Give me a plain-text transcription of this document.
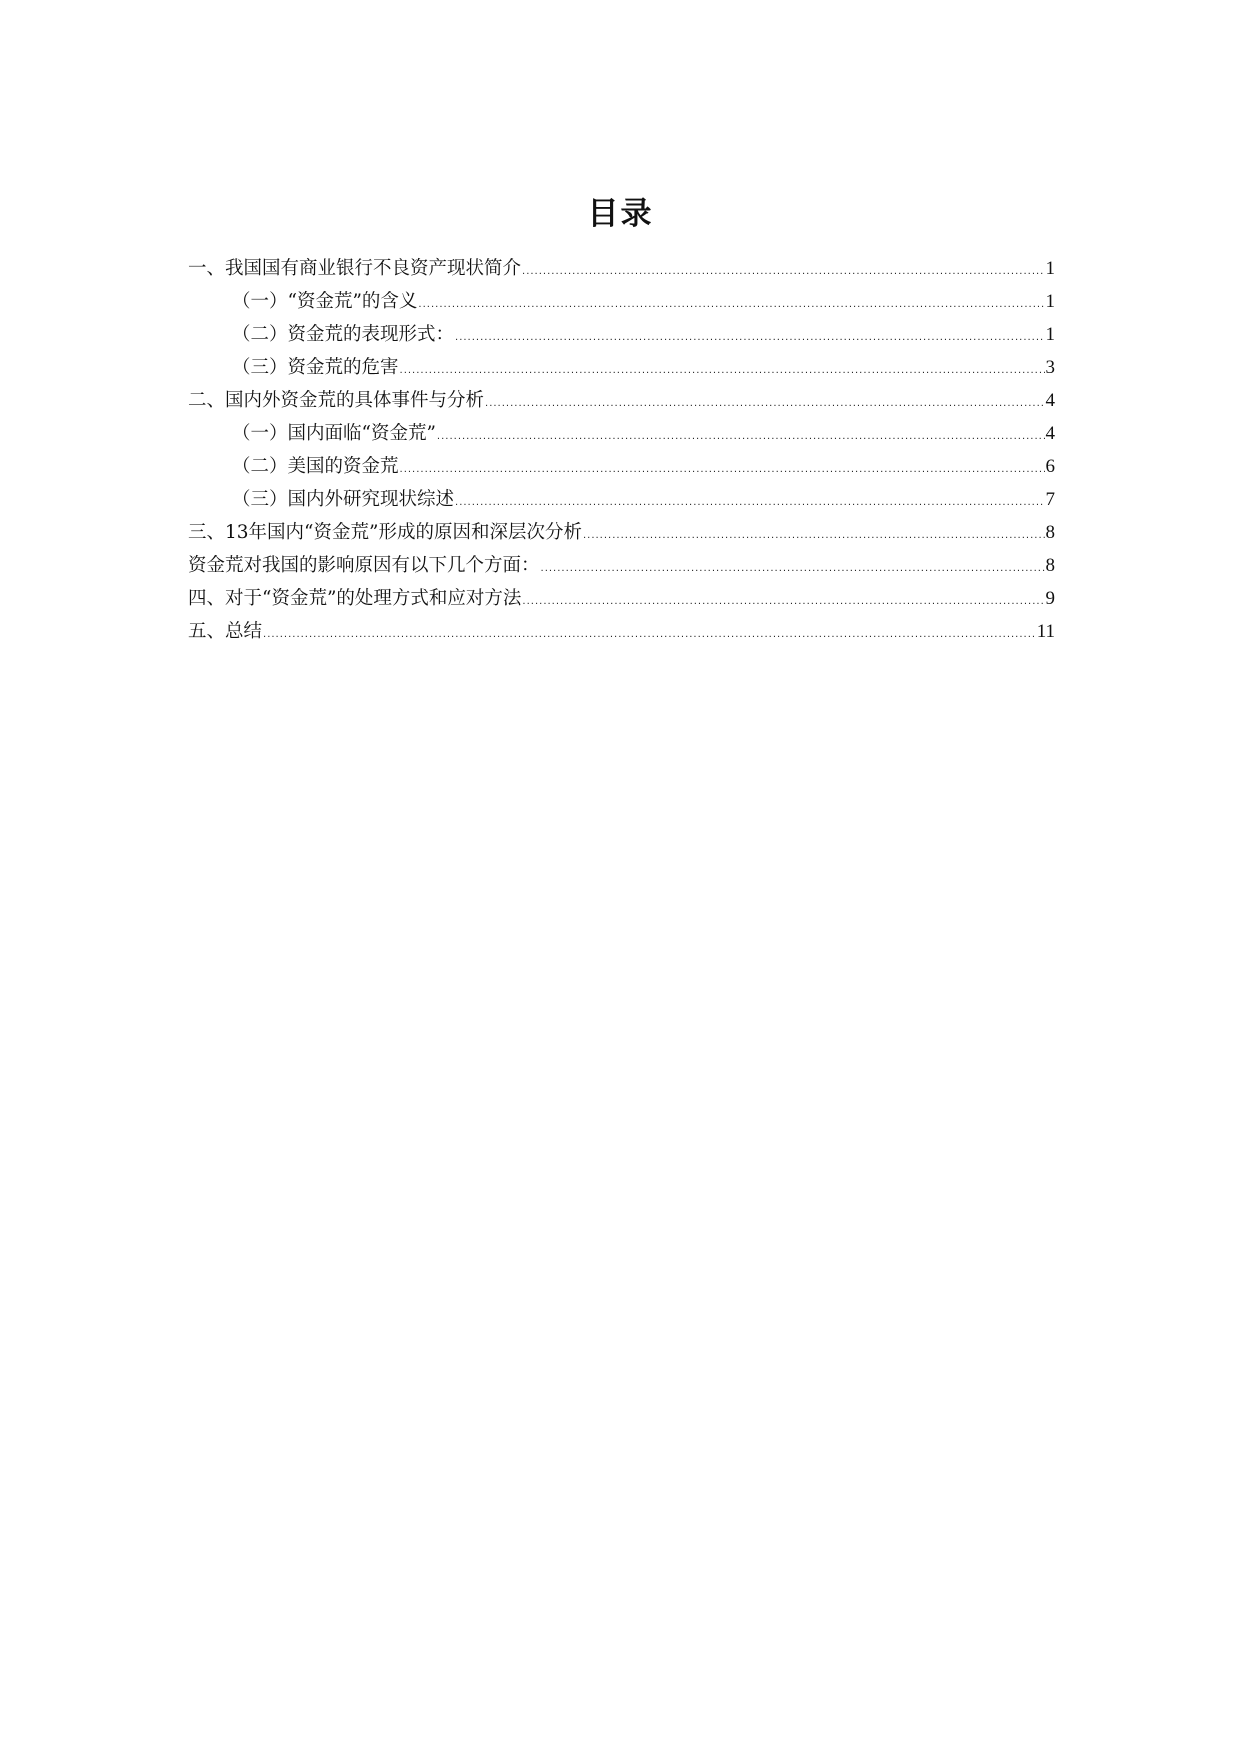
目录
一、我国国有商业银行不良资产现状简介 .....	1
（一）“资金荒”的含义 .....	1
（二）资金荒的表现形式： .....	1
（三）资金荒的危害 .....	3
二、国内外资金荒的具体事件与分析 .....	4
（一）国内面临“资金荒” .....	4
（二）美国的资金荒 .....	6
（三）国内外研究现状综述 .....	7
三、13年国内“资金荒”形成的原因和深层次分析 .....	8
资金荒对我国的影响原因有以下几个方面： .....	8
四、对于“资金荒”的处理方式和应对方法 .....	9
五、总结 .....	11
